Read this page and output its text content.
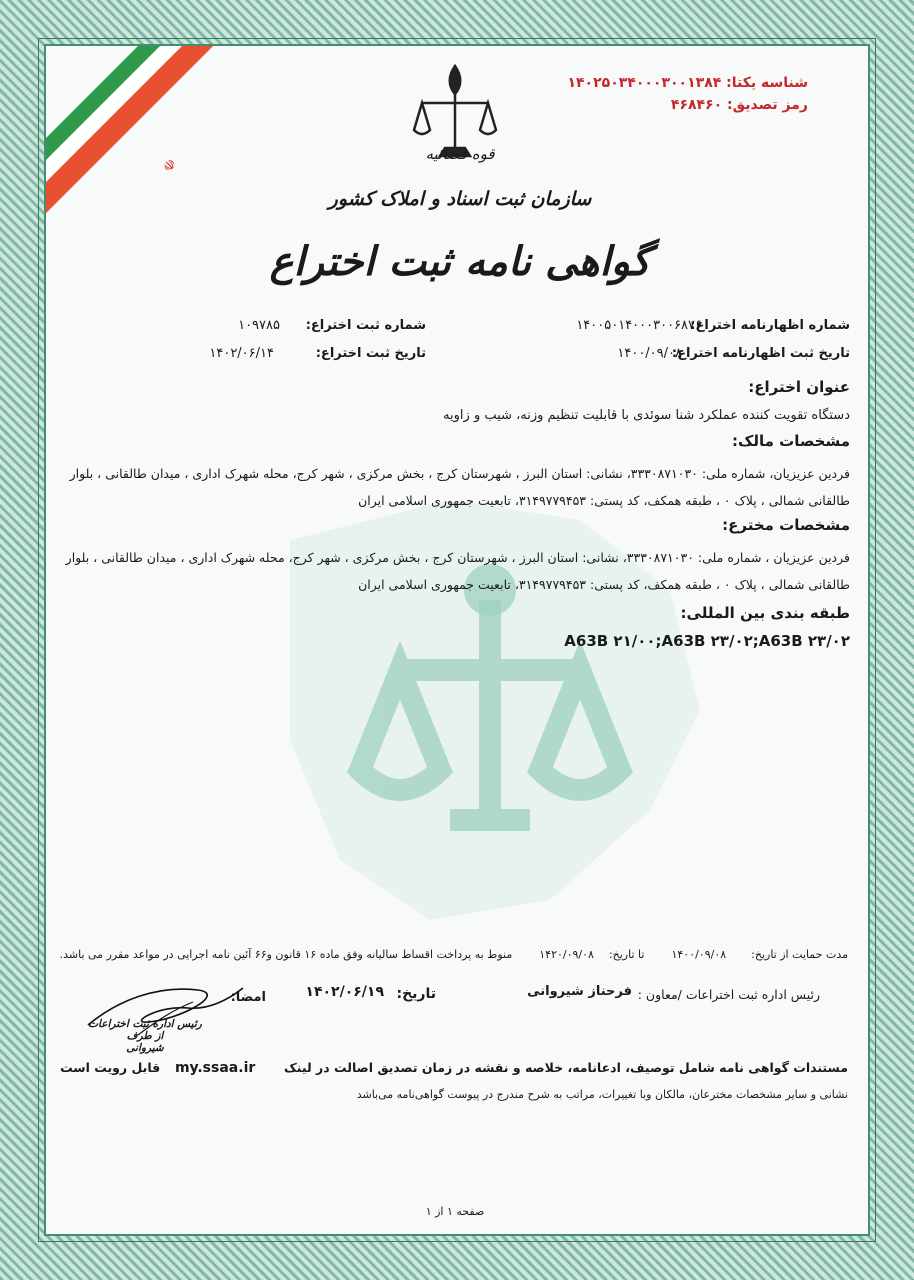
☫
شناسه یکتا: ۱۴۰۲۵۰۳۴۰۰۰۳۰۰۱۳۸۴
رمز تصدیق: ۴۶۸۴۶۰
قوه قضائیه
سازمان ثبت اسناد و املاک کشور
گواهی نامه ثبت اختراع
شماره اظهارنامه اختراع:
۱۴۰۰۵۰۱۴۰۰۰۳۰۰۶۸۷۶
شماره ثبت اختراع:
۱۰۹۷۸۵
تاریخ ثبت اظهارنامه اختراع:
۱۴۰۰/۰۹/۰۸
تاریخ ثبت اختراع:
۱۴۰۲/۰۶/۱۴
عنوان اختراع:
دستگاه تقویت کننده عملکرد شنا سوئدی با قابلیت تنظیم وزنه، شیب و زاویه
مشخصات مالک:
فردین عزیزیان، شماره ملی: ۳۳۳۰۸۷۱۰۳۰، نشانی: استان البرز ، شهرستان کرج ، بخش مرکزی ، شهر کرج، محله شهرک اداری ، میدان طالقانی ، بلوار
طالقانی شمالی ، پلاک ۰ ، طبقه همکف، کد پستی: ۳۱۴۹۷۷۹۴۵۳، تابعیت جمهوری اسلامی ایران
مشخصات مخترع:
فردین عزیزیان ، شماره ملی: ۳۳۳۰۸۷۱۰۳۰، نشانی: استان البرز ، شهرستان کرج ، بخش مرکزی ، شهر کرج، محله شهرک اداری ، میدان طالقانی ، بلوار
طالقانی شمالی ، پلاک ۰ ، طبقه همکف، کد پستی: ۳۱۴۹۷۷۹۴۵۳، تابعیت جمهوری اسلامی ایران
طبقه بندی بین المللی:
A63B ۲۱/۰۰;A63B ۲۳/۰۲;A63B ۲۳/۰۲
مدت حمایت از تاریخ:  ۱۴۰۰/۰۹/۰۸  تا تاریخ:  ۱۴۲۰/۰۹/۰۸  منوط به پرداخت اقساط سالیانه وفق ماده ۱۶ قانون و۶۶ آئین نامه اجرایی در مواعد مقرر می باشد.
رئیس اداره ثبت اختراعات /معاون :
فرحناز شیروانی
تاریخ:
۱۴۰۲/۰۶/۱۹
امضا:
رئیس اداره ثبت اختراعات
از طرف
شیروانی
مستندات گواهی نامه شامل توصیف، ادعانامه، خلاصه و نقشه در زمان تصدیق اصالت در لینک  my.ssaa.ir  قابل رویت است
نشانی و سایر مشخصات مخترعان، مالکان وبا تغییرات، مراتب به شرح مندرج در پیوست گواهی‌نامه می‌باشد
صفحه ۱ از ۱
